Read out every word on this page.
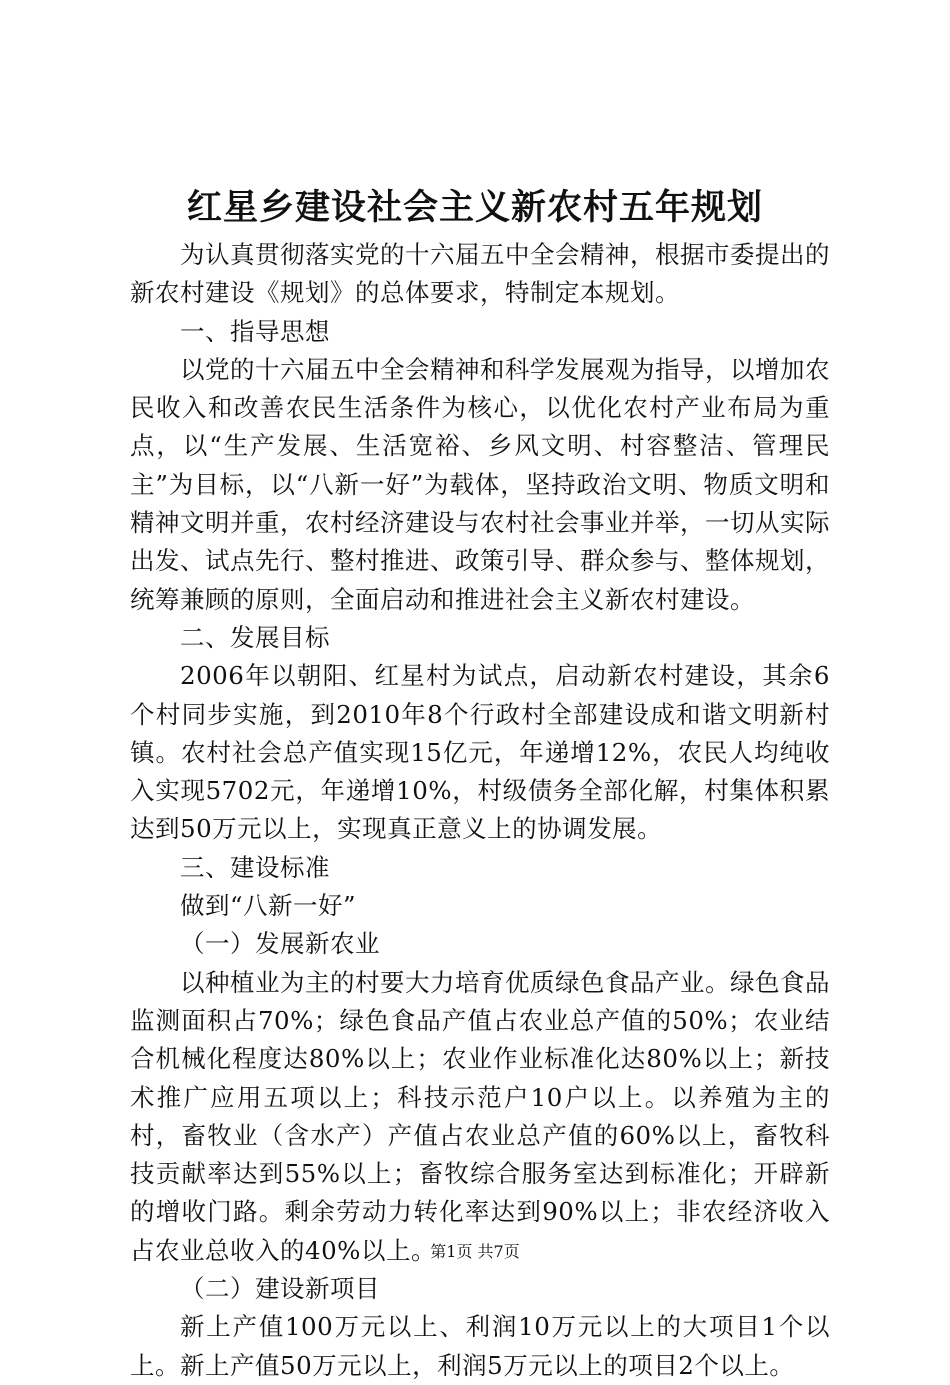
红星乡建设社会主义新农村五年规划

为认真贯彻落实党的十六届五中全会精神，根据市委提出的新农村建设《规划》的总体要求，特制定本规划。

一、指导思想

以党的十六届五中全会精神和科学发展观为指导，以增加农民收入和改善农民生活条件为核心，以优化农村产业布局为重点，以“生产发展、生活宽裕、乡风文明、村容整洁、管理民主”为目标，以“八新一好”为载体，坚持政治文明、物质文明和精神文明并重，农村经济建设与农村社会事业并举，一切从实际出发、试点先行、整村推进、政策引导、群众参与、整体规划，统筹兼顾的原则，全面启动和推进社会主义新农村建设。

二、发展目标

2006年以朝阳、红星村为试点，启动新农村建设，其余6个村同步实施，到2010年8个行政村全部建设成和谐文明新村镇。农村社会总产值实现15亿元，年递增12%，农民人均纯收入实现5702元，年递增10%，村级债务全部化解，村集体积累达到50万元以上，实现真正意义上的协调发展。

三、建设标准

做到“八新一好”

（一）发展新农业

以种植业为主的村要大力培育优质绿色食品产业。绿色食品监测面积占70%；绿色食品产值占农业总产值的50%；农业结合机械化程度达80%以上；农业作业标准化达80%以上；新技术推广应用五项以上；科技示范户10户以上。以养殖为主的村，畜牧业（含水产）产值占农业总产值的60%以上，畜牧科技贡献率达到55%以上；畜牧综合服务室达到标准化；开辟新的增收门路。剩余劳动力转化率达到90%以上；非农经济收入占农业总收入的40%以上。

（二）建设新项目

新上产值100万元以上、利润10万元以上的大项目1个以上。新上产值50万元以上，利润5万元以上的项目2个以上。

第1页 共7页
